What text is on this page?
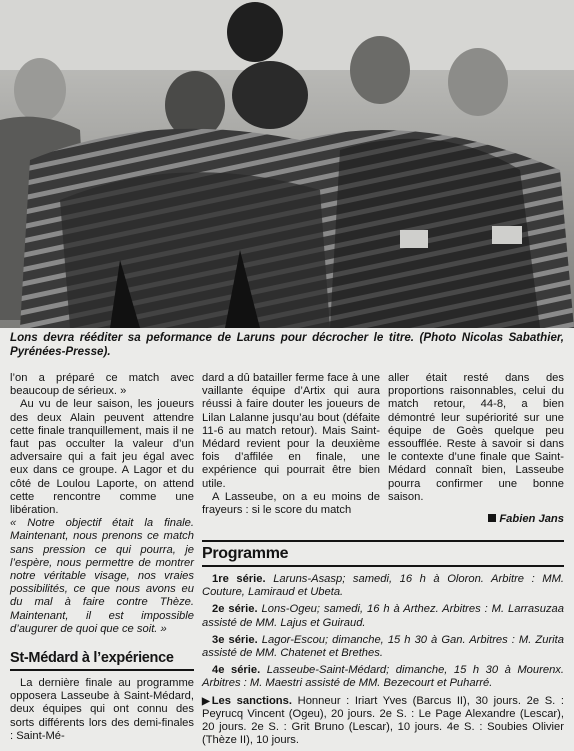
Lons devra rééditer sa peformance de Laruns pour décrocher le titre. (Photo Nicolas Sabathier, Pyrénées-Presse).

l’on a préparé ce match avec beaucoup de sérieux. »

Au vu de leur saison, les joueurs des deux Alain peuvent attendre cette finale tranquillement, mais il ne faut pas occulter la valeur d’un adversaire qui a fait jeu égal avec eux dans ce groupe. A Lagor et du côté de Loulou Laporte, on attend cette rencontre comme une libération.

« Notre objectif était la finale. Maintenant, nous prenons ce match sans pression ce qui pourra, je l’espère, nous permettre de montrer notre véritable visage, nos vraies possibilités, ce que nous avons eu du mal à faire contre Thèze. Maintenant, il est impossible d’augurer de quoi que ce soit. »

St-Médard à l’expérience

La dernière finale au programme opposera Lasseube à Saint-Médard, deux équipes qui ont connu des sorts différents lors des demi-finales : Saint-Mé-

dard a dû batailler ferme face à une vaillante équipe d’Artix qui aura réussi à faire douter les joueurs de Lilan Lalanne jusqu’au bout (défaite 11-6 au match retour). Mais Saint-Médard revient pour la deuxième fois d’affilée en finale, une expérience qui pourrait être bien utile.

A Lasseube, on a eu moins de frayeurs : si le score du match

aller était resté dans des proportions raisonnables, celui du match retour, 44-8, a bien démontré leur supériorité sur une équipe de Goès quelque peu essoufflée. Reste à savoir si dans le contexte d’une finale que Saint-Médard connaît bien, Lasseube pourra confirmer une bonne saison.

Fabien Jans
Programme

1re série. Laruns-Asasp; samedi, 16 h à Oloron. Arbitre : MM. Couture, Lamiraud et Ubeta.

2e série. Lons-Ogeu; samedi, 16 h à Arthez. Arbitres : M. Larrasuzaa assisté de MM. Lajus et Guiraud.

3e série. Lagor-Escou; dimanche, 15 h 30 à Gan. Arbitres : M. Zurita assisté de MM. Chatenet et Brethes.

4e série. Lasseube-Saint-Médard; dimanche, 15 h 30 à Mourenx. Arbitres : M. Maestri assisté de MM. Bezecourt et Puharré.

▶ Les sanctions. Honneur : Iriart Yves (Barcus II), 30 jours. 2e S. : Peyrucq Vincent (Ogeu), 20 jours. 2e S. : Le Page Alexandre (Lescar), 20 jours. 2e S. : Grit Bruno (Lescar), 10 jours. 4e S. : Soubies Olivier (Thèze II), 10 jours.
